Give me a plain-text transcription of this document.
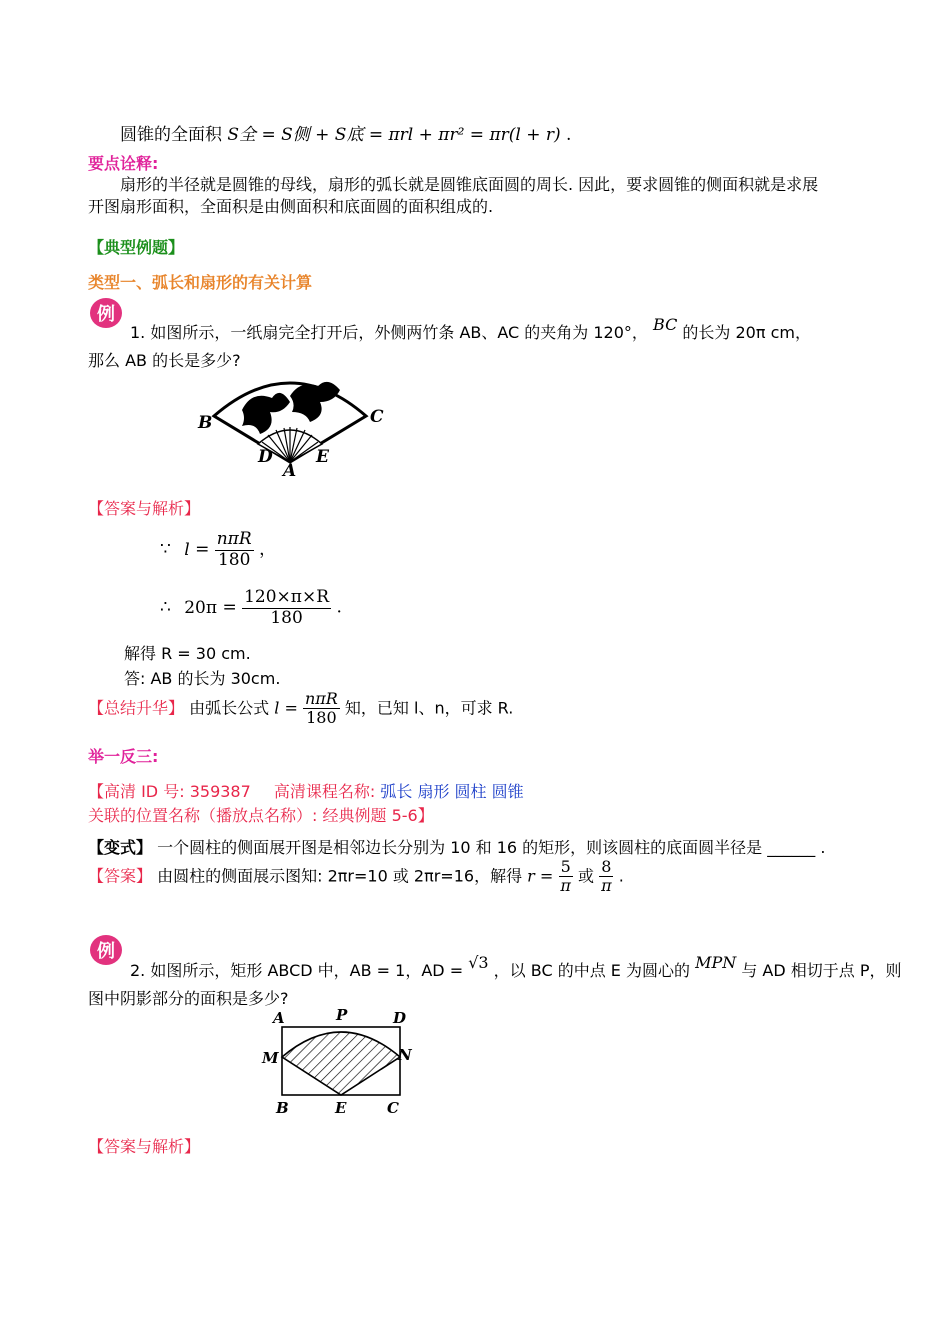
圆锥的全面积 S全 = S侧 + S底 = πrl + πr² = πr(l + r) .
要点诠释:
扇形的半径就是圆锥的母线，扇形的弧长就是圆锥底面圆的周长. 因此，要求圆锥的侧面积就是求展
开图扇形面积，全面积是由侧面积和底面圆的面积组成的.
【典型例题】
类型一、弧长和扇形的有关计算
例
1. 如图所示，一纸扇完全打开后，外侧两竹条 AB、AC 的夹角为 120°， BC 的长为 20π cm，
那么 AB 的长是多少?
B	C
D
A
E
【答案与解析】
∵ $l = \frac{\text{nπR}}{180}$ ，
∴ $20\pi = \frac{120\times\pi\times R}{180}$ .
解得 R = 30 cm.
答: AB 的长为 30cm.
【总结升华】 由弧长公式 $l = \frac{\text{nπR}}{180}$ 知，已知 l、n，可求 R.
举一反三:
【高清 ID 号: 359387 高清课程名称: 弧长 扇形 圆柱 圆锥
关联的位置名称（播放点名称）: 经典例题 5-6】
【变式】 一个圆柱的侧面展开图是相邻边长分别为 10 和 16 的矩形，则该圆柱的底面圆半径是 ______ .
【答案】 由圆柱的侧面展示图知: 2πr=10 或 2πr=16，解得 $r = \frac{5}{\pi}$ 或 $\frac{8}{\pi}$ .
例
2. 如图所示，矩形 ABCD 中，AB = 1，AD = √3 ，以 BC 的中点 E 为圆心的 MPN 与 AD 相切于点 P，则
图中阴影部分的面积是多少?
A	P	D
M	N
B	E	C
【答案与解析】
